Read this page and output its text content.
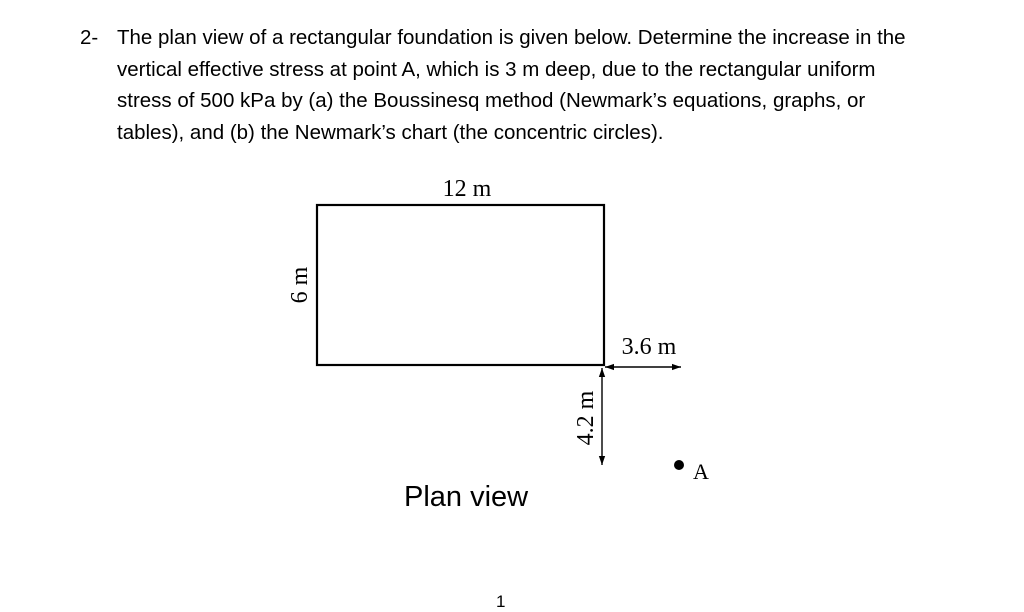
2- The plan view of a rectangular foundation is given below. Determine the increase in the
vertical effective stress at point A, which is 3 m deep, due to the rectangular uniform
stress of 500 kPa by (a) the Boussinesq method (Newmark’s equations, graphs, or
tables), and (b) the Newmark’s chart (the concentric circles).
12 m
6 m
3.6 m
4.2 m
A
Plan view
1
